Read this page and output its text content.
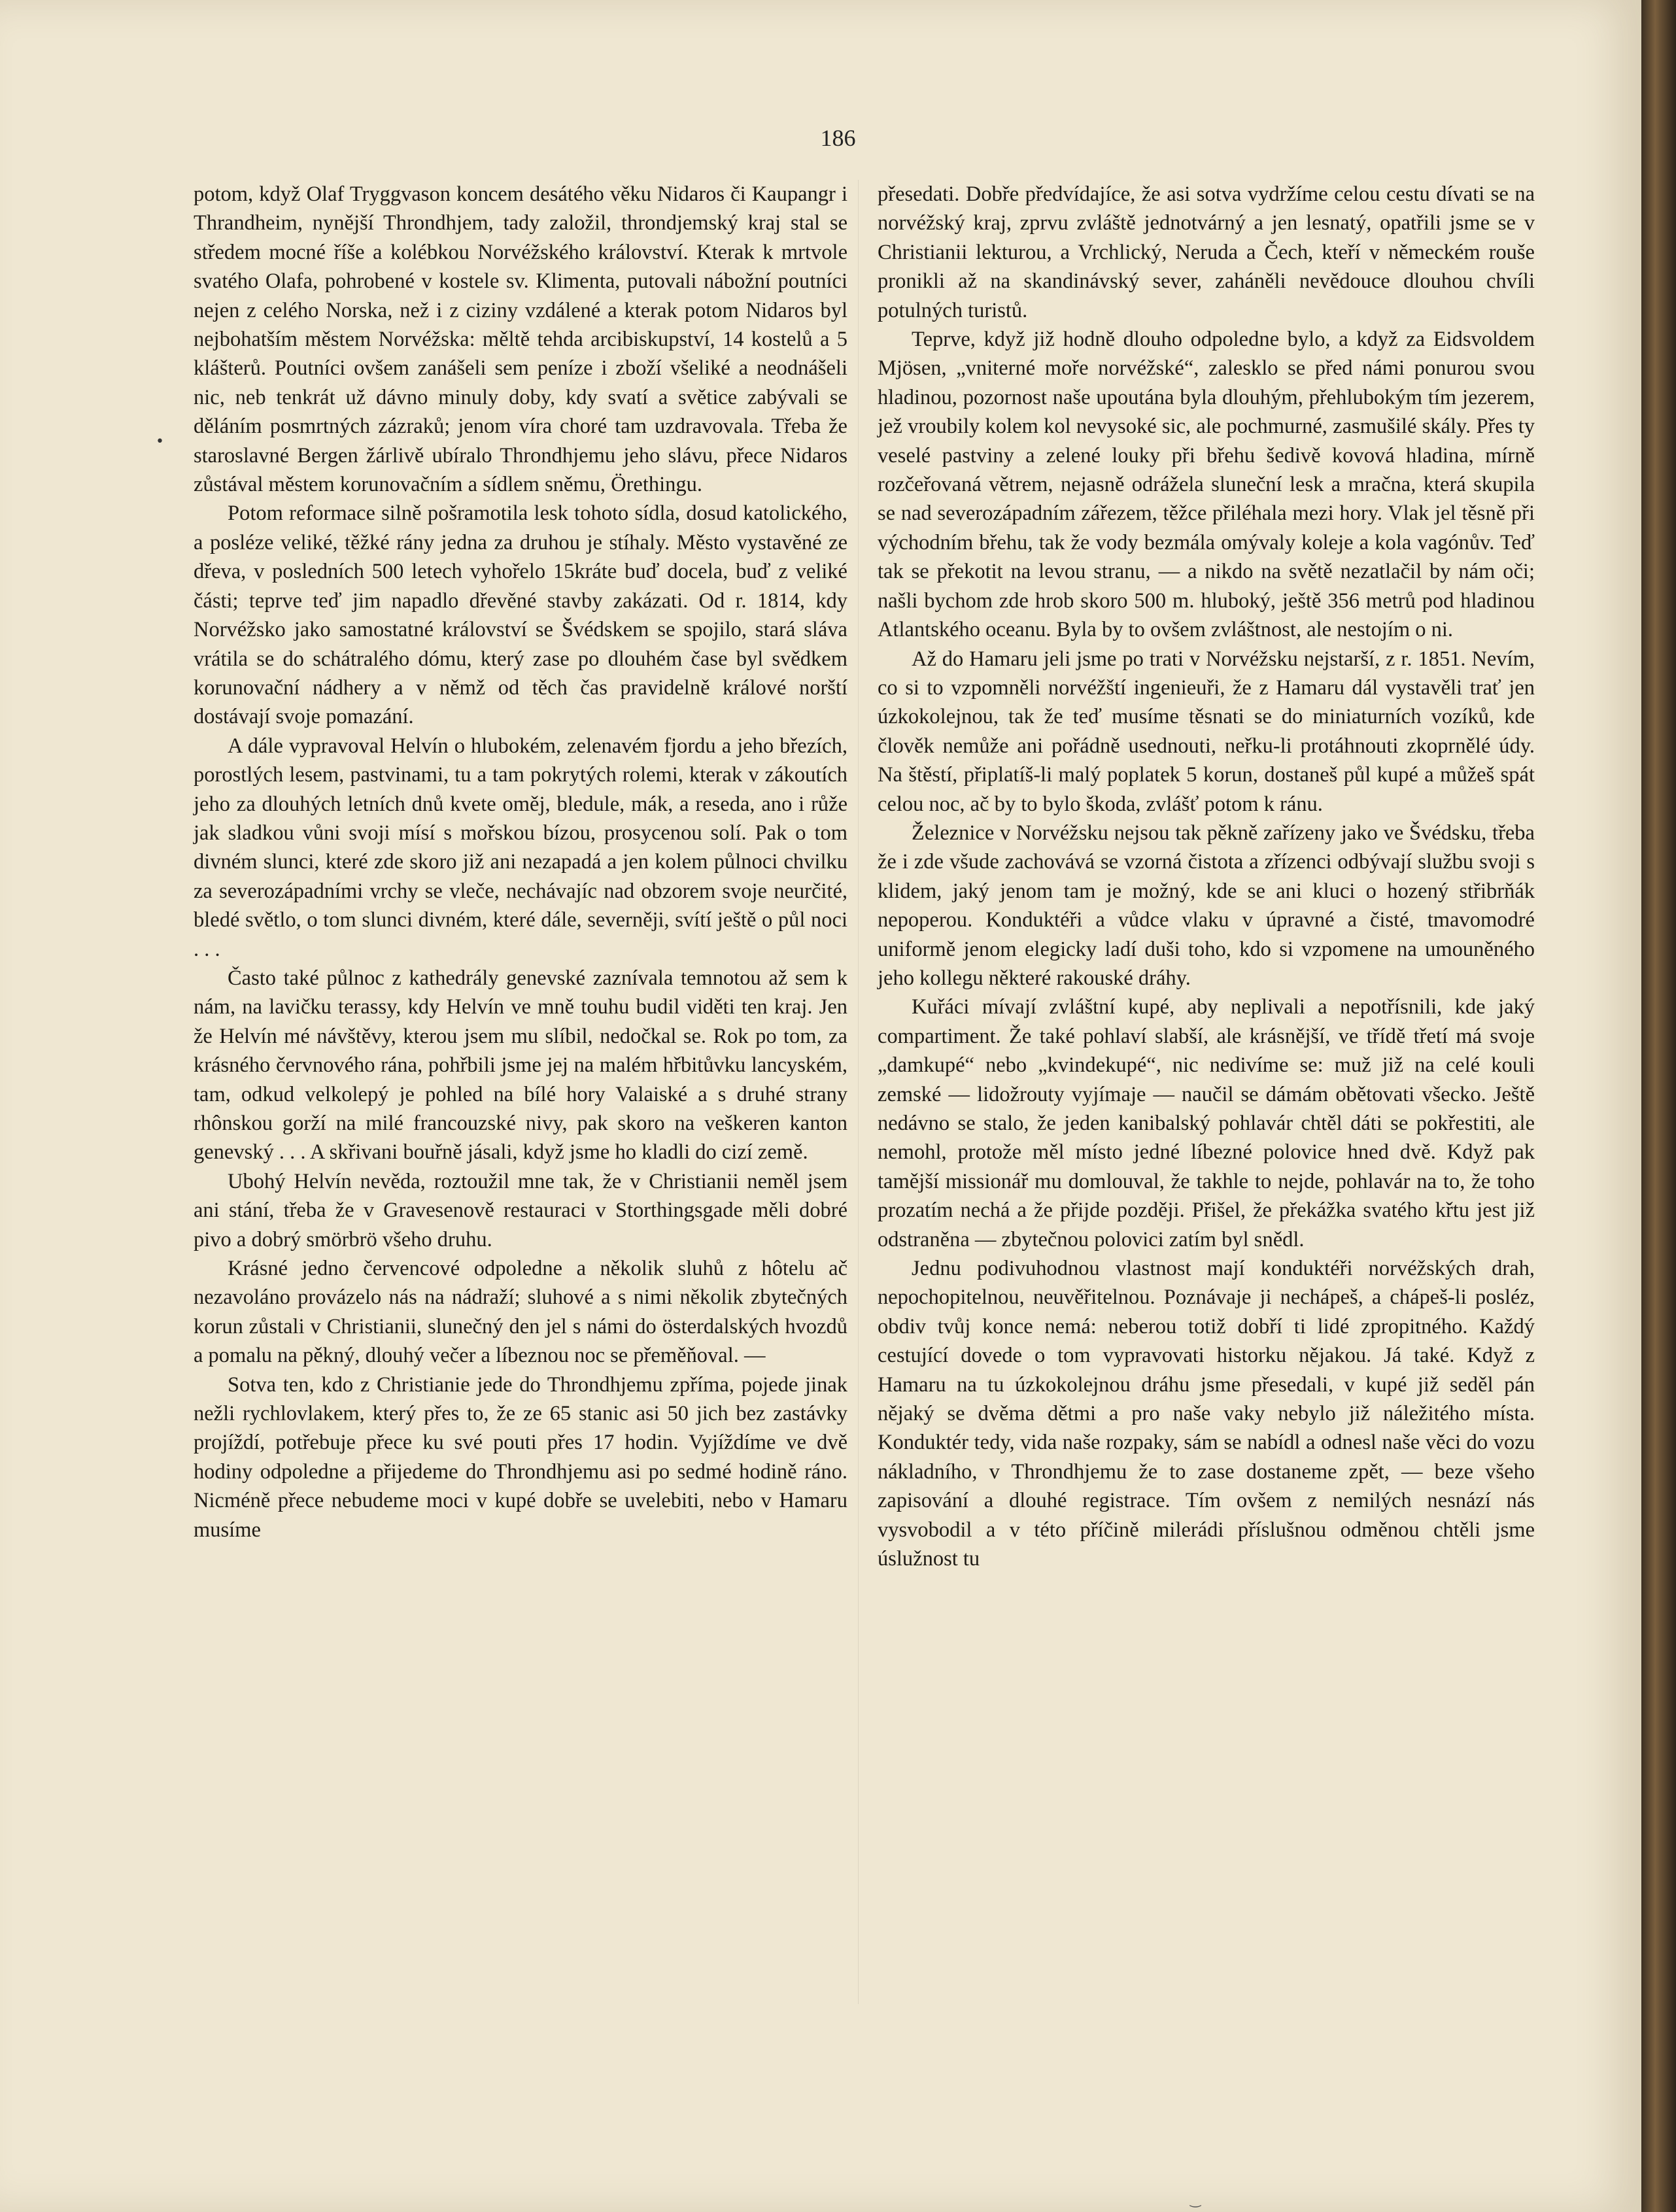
186
•

potom, když Olaf Tryggvason koncem desátého věku Nidaros či Kaupangr i Thrandheim, nynější Throndhjem, tady založil, throndjemský kraj stal se středem mocné říše a kolébkou Norvéžského království. Kterak k mrtvole svatého Olafa, pohrobené v kostele sv. Klimenta, putovali nábožní poutníci nejen z celého Norska, než i z ciziny vzdálené a kterak potom Nidaros byl nejbohatším městem Norvéžska: měltě tehda arcibiskupství, 14 kostelů a 5 klášterů. Poutníci ovšem zanášeli sem peníze i zboží všeliké a neodnášeli nic, neb tenkrát už dávno minuly doby, kdy svatí a světice zabývali se děláním posmrtných zázraků; jenom víra choré tam uzdravovala. Třeba že staroslavné Bergen žárlivě ubíralo Throndhjemu jeho slávu, přece Nidaros zůstával městem korunovačním a sídlem sněmu, Örethingu.

Potom reformace silně pošramotila lesk tohoto sídla, dosud katolického, a posléze veliké, těžké rány jedna za druhou je stíhaly. Město vystavěné ze dřeva, v posledních 500 letech vyhořelo 15kráte buď docela, buď z veliké části; teprve teď jim napadlo dřevěné stavby zakázati. Od r. 1814, kdy Norvéžsko jako samostatné království se Švédskem se spojilo, stará sláva vrátila se do schátralého dómu, který zase po dlouhém čase byl svědkem korunovační nádhery a v němž od těch čas pravidelně králové norští dostávají svoje pomazání.

A dále vypravoval Helvín o hlubokém, zelenavém fjordu a jeho březích, porostlých lesem, pastvinami, tu a tam pokrytých rolemi, kterak v zákoutích jeho za dlouhých letních dnů kvete oměj, bledule, mák, a reseda, ano i růže jak sladkou vůni svoji mísí s mořskou bízou, prosycenou solí. Pak o tom divném slunci, které zde skoro již ani nezapadá a jen kolem půlnoci chvilku za severozápadními vrchy se vleče, nechávajíc nad obzorem svoje neurčité, bledé světlo, o tom slunci divném, které dále, severněji, svítí ještě o půl noci . . .

Často také půlnoc z kathedrály genevské zaznívala temnotou až sem k nám, na lavičku terassy, kdy Helvín ve mně touhu budil viděti ten kraj. Jen že Helvín mé návštěvy, kterou jsem mu slíbil, nedočkal se. Rok po tom, za krásného červnového rána, pohřbili jsme jej na malém hřbitůvku lancyském, tam, odkud velkolepý je pohled na bílé hory Valaiské a s druhé strany rhônskou gorží na milé francouzské nivy, pak skoro na veškeren kanton genevský . . . A skřivani bouřně jásali, když jsme ho kladli do cizí země.

Ubohý Helvín nevěda, roztoužil mne tak, že v Christianii neměl jsem ani stání, třeba že v Gravesenově restauraci v Storthingsgade měli dobré pivo a dobrý smörbrö všeho druhu.

Krásné jedno červencové odpoledne a několik sluhů z hôtelu ač nezavoláno provázelo nás na nádraží; sluhové a s nimi několik zbytečných korun zůstali v Christianii, slunečný den jel s námi do österdalských hvozdů a pomalu na pěkný, dlouhý večer a líbeznou noc se přeměňoval. —

Sotva ten, kdo z Christianie jede do Throndhjemu zpříma, pojede jinak nežli rychlovlakem, který přes to, že ze 65 stanic asi 50 jich bez zastávky projíždí, potřebuje přece ku své pouti přes 17 hodin. Vyjíždíme ve dvě hodiny odpoledne a přijedeme do Throndhjemu asi po sedmé hodině ráno. Nicméně přece nebudeme moci v kupé dobře se uvelebiti, nebo v Hamaru musíme

přesedati. Dobře předvídajíce, že asi sotva vydržíme celou cestu dívati se na norvéžský kraj, zprvu zvláště jednotvárný a jen lesnatý, opatřili jsme se v Christianii lekturou, a Vrchlický, Neruda a Čech, kteří v německém rouše pronikli až na skandinávský sever, zaháněli nevědouce dlouhou chvíli potulných turistů.

Teprve, když již hodně dlouho odpoledne bylo, a když za Eidsvoldem Mjösen, „vniterné moře norvéžské“, zalesklo se před námi ponurou svou hladinou, pozornost naše upoutána byla dlouhým, přehlubokým tím jezerem, jež vroubily kolem kol nevysoké sic, ale pochmurné, zasmušilé skály. Přes ty veselé pastviny a zelené louky při břehu šedivě kovová hladina, mírně rozčeřovaná větrem, nejasně odrážela sluneční lesk a mračna, která skupila se nad severozápadním zářezem, těžce přiléhala mezi hory. Vlak jel těsně při východním břehu, tak že vody bezmála omývaly koleje a kola vagónův. Teď tak se překotit na levou stranu, — a nikdo na světě nezatlačil by nám oči; našli bychom zde hrob skoro 500 m. hluboký, ještě 356 metrů pod hladinou Atlantského oceanu. Byla by to ovšem zvláštnost, ale nestojím o ni.

Až do Hamaru jeli jsme po trati v Norvéžsku nejstarší, z r. 1851. Nevím, co si to vzpomněli norvéžští ingenieuři, že z Hamaru dál vystavěli trať jen úzkokolejnou, tak že teď musíme těsnati se do miniaturních vozíků, kde člověk nemůže ani pořádně usednouti, neřku-li protáhnouti zkoprnělé údy. Na štěstí, připlatíš-li malý poplatek 5 korun, dostaneš půl kupé a můžeš spát celou noc, ač by to bylo škoda, zvlášť potom k ránu.

Železnice v Norvéžsku nejsou tak pěkně zařízeny jako ve Švédsku, třeba že i zde všude zachovává se vzorná čistota a zřízenci odbývají službu svoji s klidem, jaký jenom tam je možný, kde se ani kluci o hozený střibrňák nepoperou. Konduktéři a vůdce vlaku v úpravné a čisté, tmavomodré uniformě jenom elegicky ladí duši toho, kdo si vzpomene na umouněného jeho kollegu některé rakouské dráhy.

Kuřáci mívají zvláštní kupé, aby neplivali a nepotřísnili, kde jaký compartiment. Že také pohlaví slabší, ale krásnější, ve třídě třetí má svoje „damkupé“ nebo „kvindekupé“, nic nedivíme se: muž již na celé kouli zemské — lidožrouty vyjímaje — naučil se dámám obětovati všecko. Ještě nedávno se stalo, že jeden kanibalský pohlavár chtěl dáti se pokřestiti, ale nemohl, protože měl místo jedné líbezné polovice hned dvě. Když pak tamější missionář mu domlouval, že takhle to nejde, pohlavár na to, že toho prozatím nechá a že přijde později. Přišel, že překážka svatého křtu jest již odstraněna — zbytečnou polovici zatím byl snědl.

Jednu podivuhodnou vlastnost mají konduktéři norvéžských drah, nepochopitelnou, neuvěřitelnou. Poznávaje ji nechápeš, a chápeš-li posléz, obdiv tvůj konce nemá: neberou totiž dobří ti lidé zpropitného. Každý cestující dovede o tom vypravovati historku nějakou. Já také. Když z Hamaru na tu úzkokolejnou dráhu jsme přesedali, v kupé již seděl pán nějaký se dvěma dětmi a pro naše vaky nebylo již náležitého místa. Konduktér tedy, vida naše rozpaky, sám se nabídl a odnesl naše věci do vozu nákladního, v Throndhjemu že to zase dostaneme zpět, — beze všeho zapisování a dlouhé registrace. Tím ovšem z nemilých nesnází nás vysvobodil a v této příčině milerádi příslušnou odměnou chtěli jsme úslužnost tu

‿
